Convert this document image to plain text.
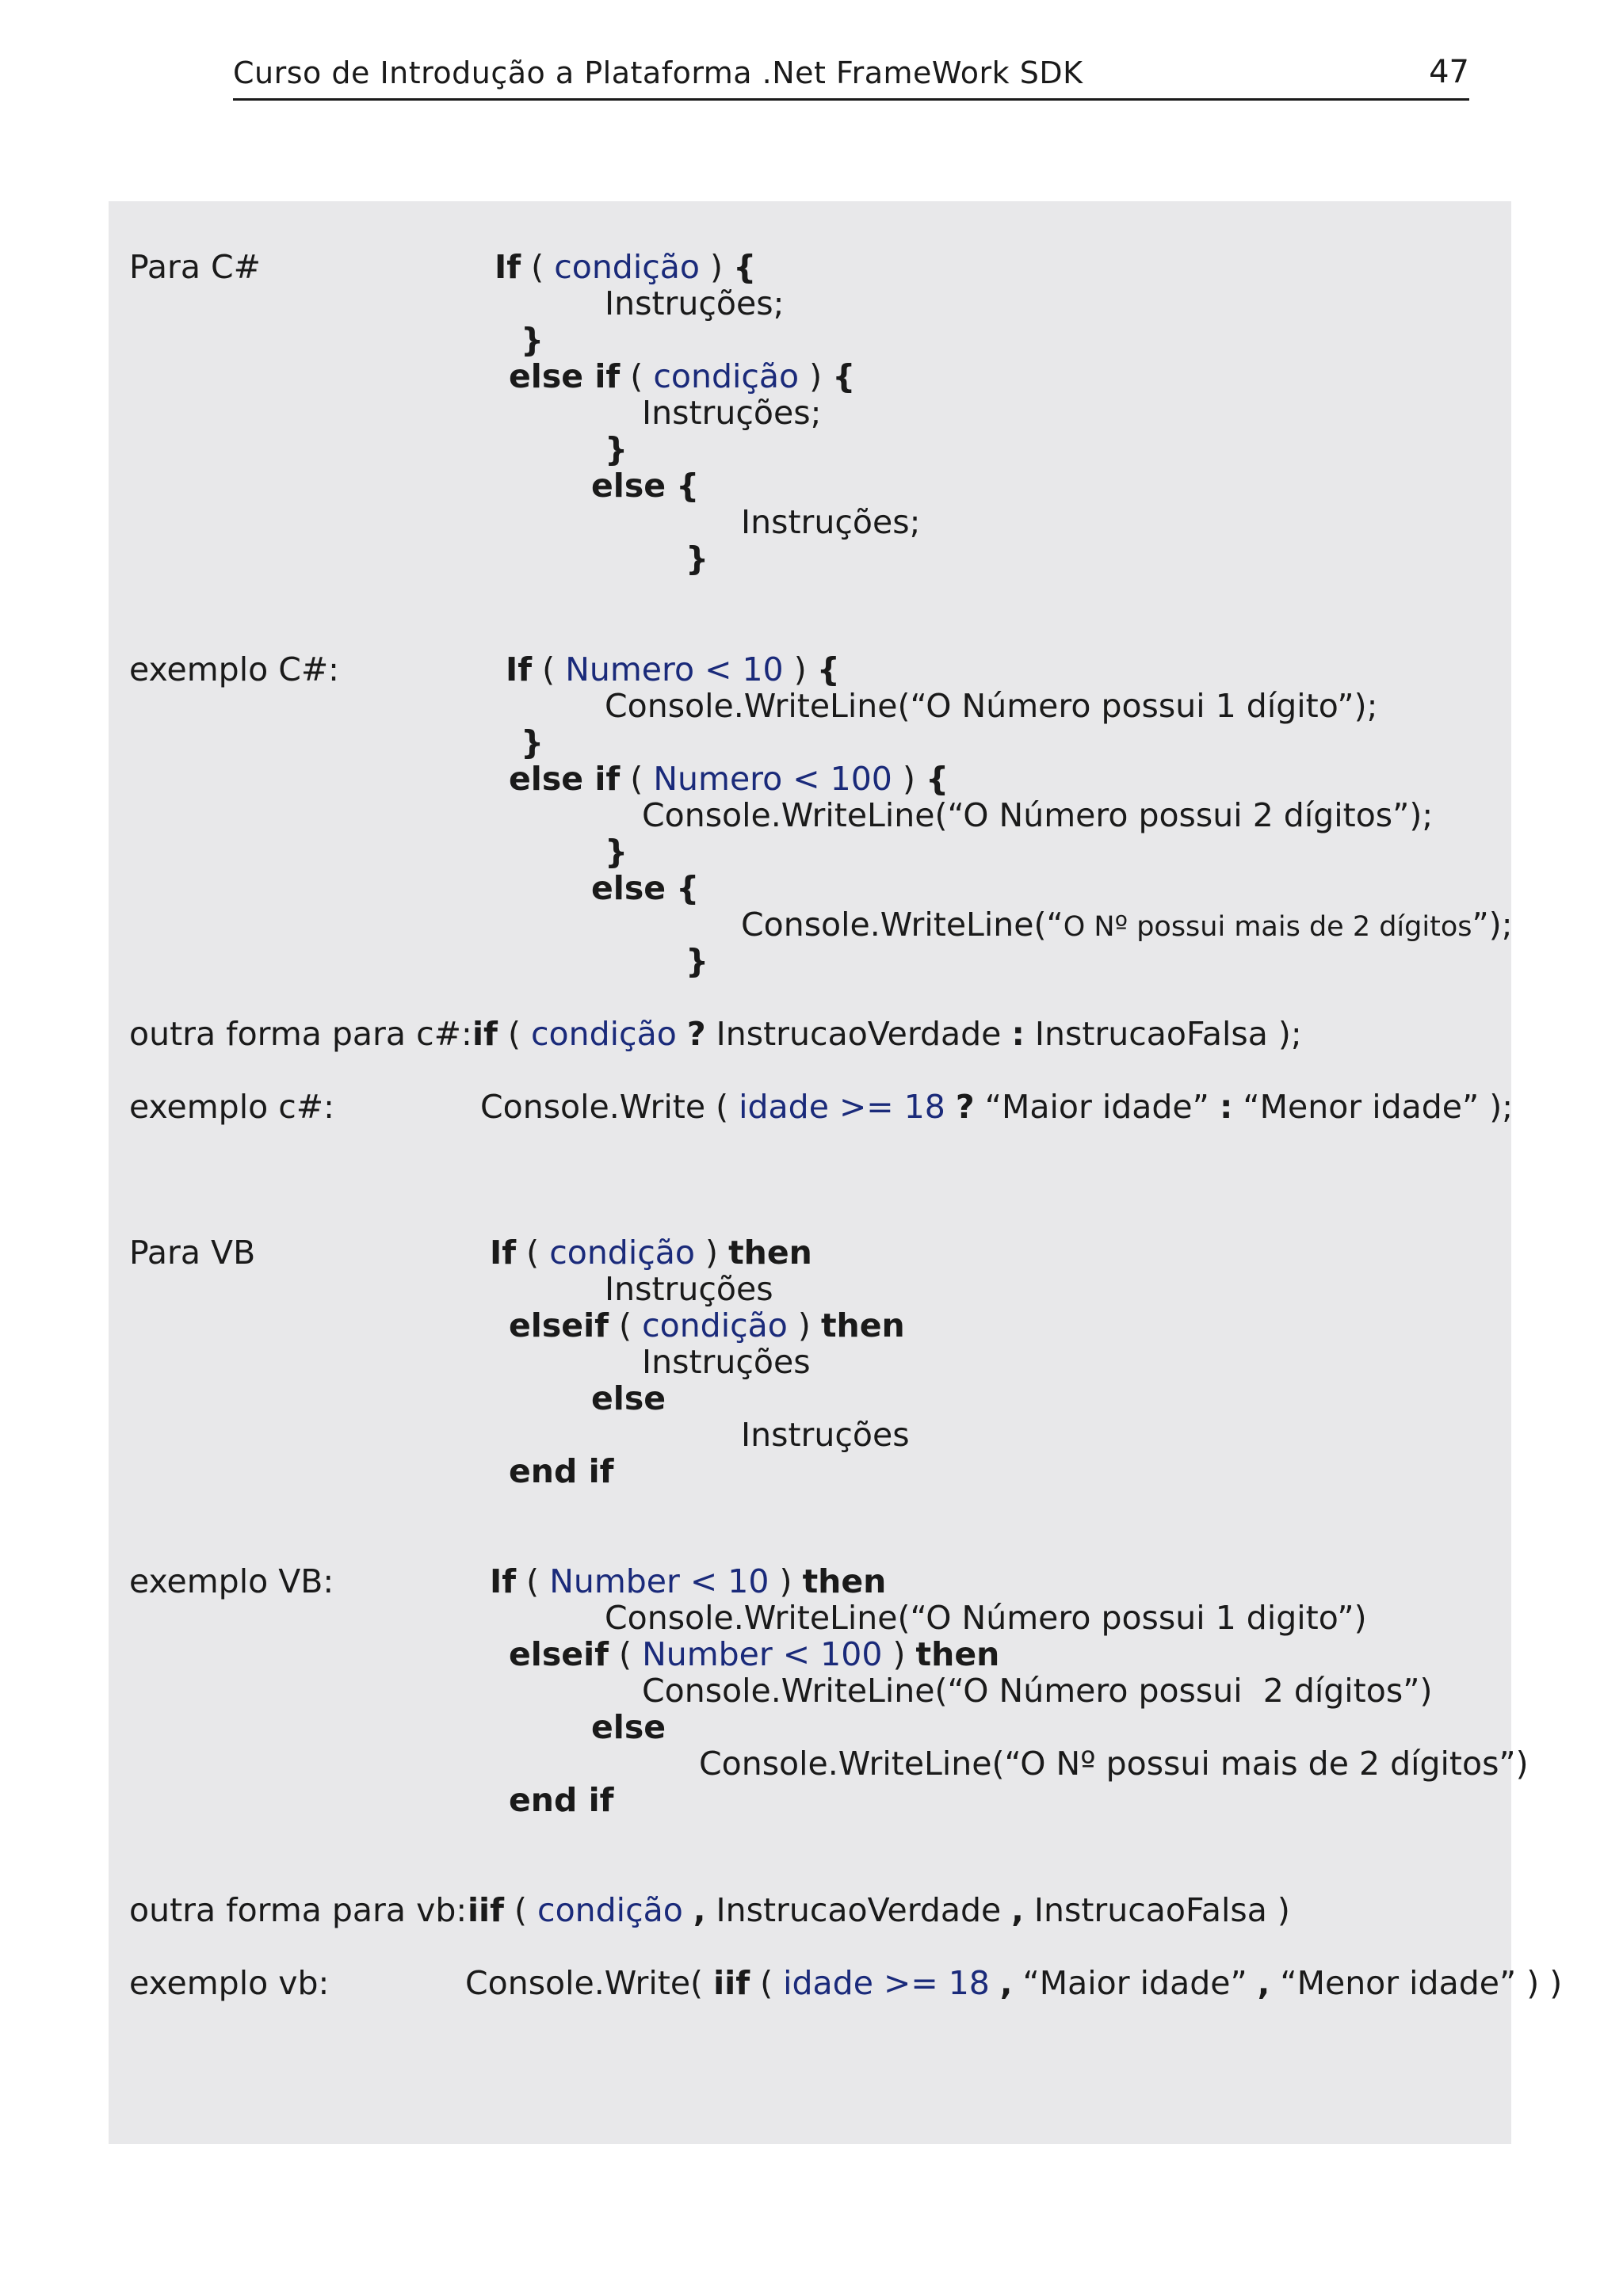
Curso de Introdução a Plataforma .Net FrameWork SDK	47
Para C#	If ( condição ) {
Instruções;
}
else if ( condição ) {
Instruções;
}
else {
Instruções;
}
exemplo C#:	If ( Numero < 10 ) {
Console.WriteLine(“O Número possui 1 dígito”);
}
else if ( Numero < 100 ) {
Console.WriteLine(“O Número possui 2 dígitos”);
}
else {
Console.WriteLine(“O Nº possui mais de 2 dígitos”);
}
outra forma para c#: if ( condição ? InstrucaoVerdade : InstrucaoFalsa );
exemplo c#:	Console.Write ( idade >= 18 ? “Maior idade” : “Menor idade” );
Para VB	If ( condição ) then
Instruções
elseif ( condição ) then
Instruções
else
Instruções
end if
exemplo VB:	If ( Number < 10 ) then
Console.WriteLine(“O Número possui 1 digito”)
elseif ( Number < 100 ) then
Console.WriteLine(“O Número possui  2 dígitos”)
else
Console.WriteLine(“O Nº possui mais de 2 dígitos”)
end if
outra forma para vb: iif ( condição , InstrucaoVerdade , InstrucaoFalsa )
exemplo vb:	Console.Write( iif ( idade >= 18 , “Maior idade” , “Menor idade” ) )
